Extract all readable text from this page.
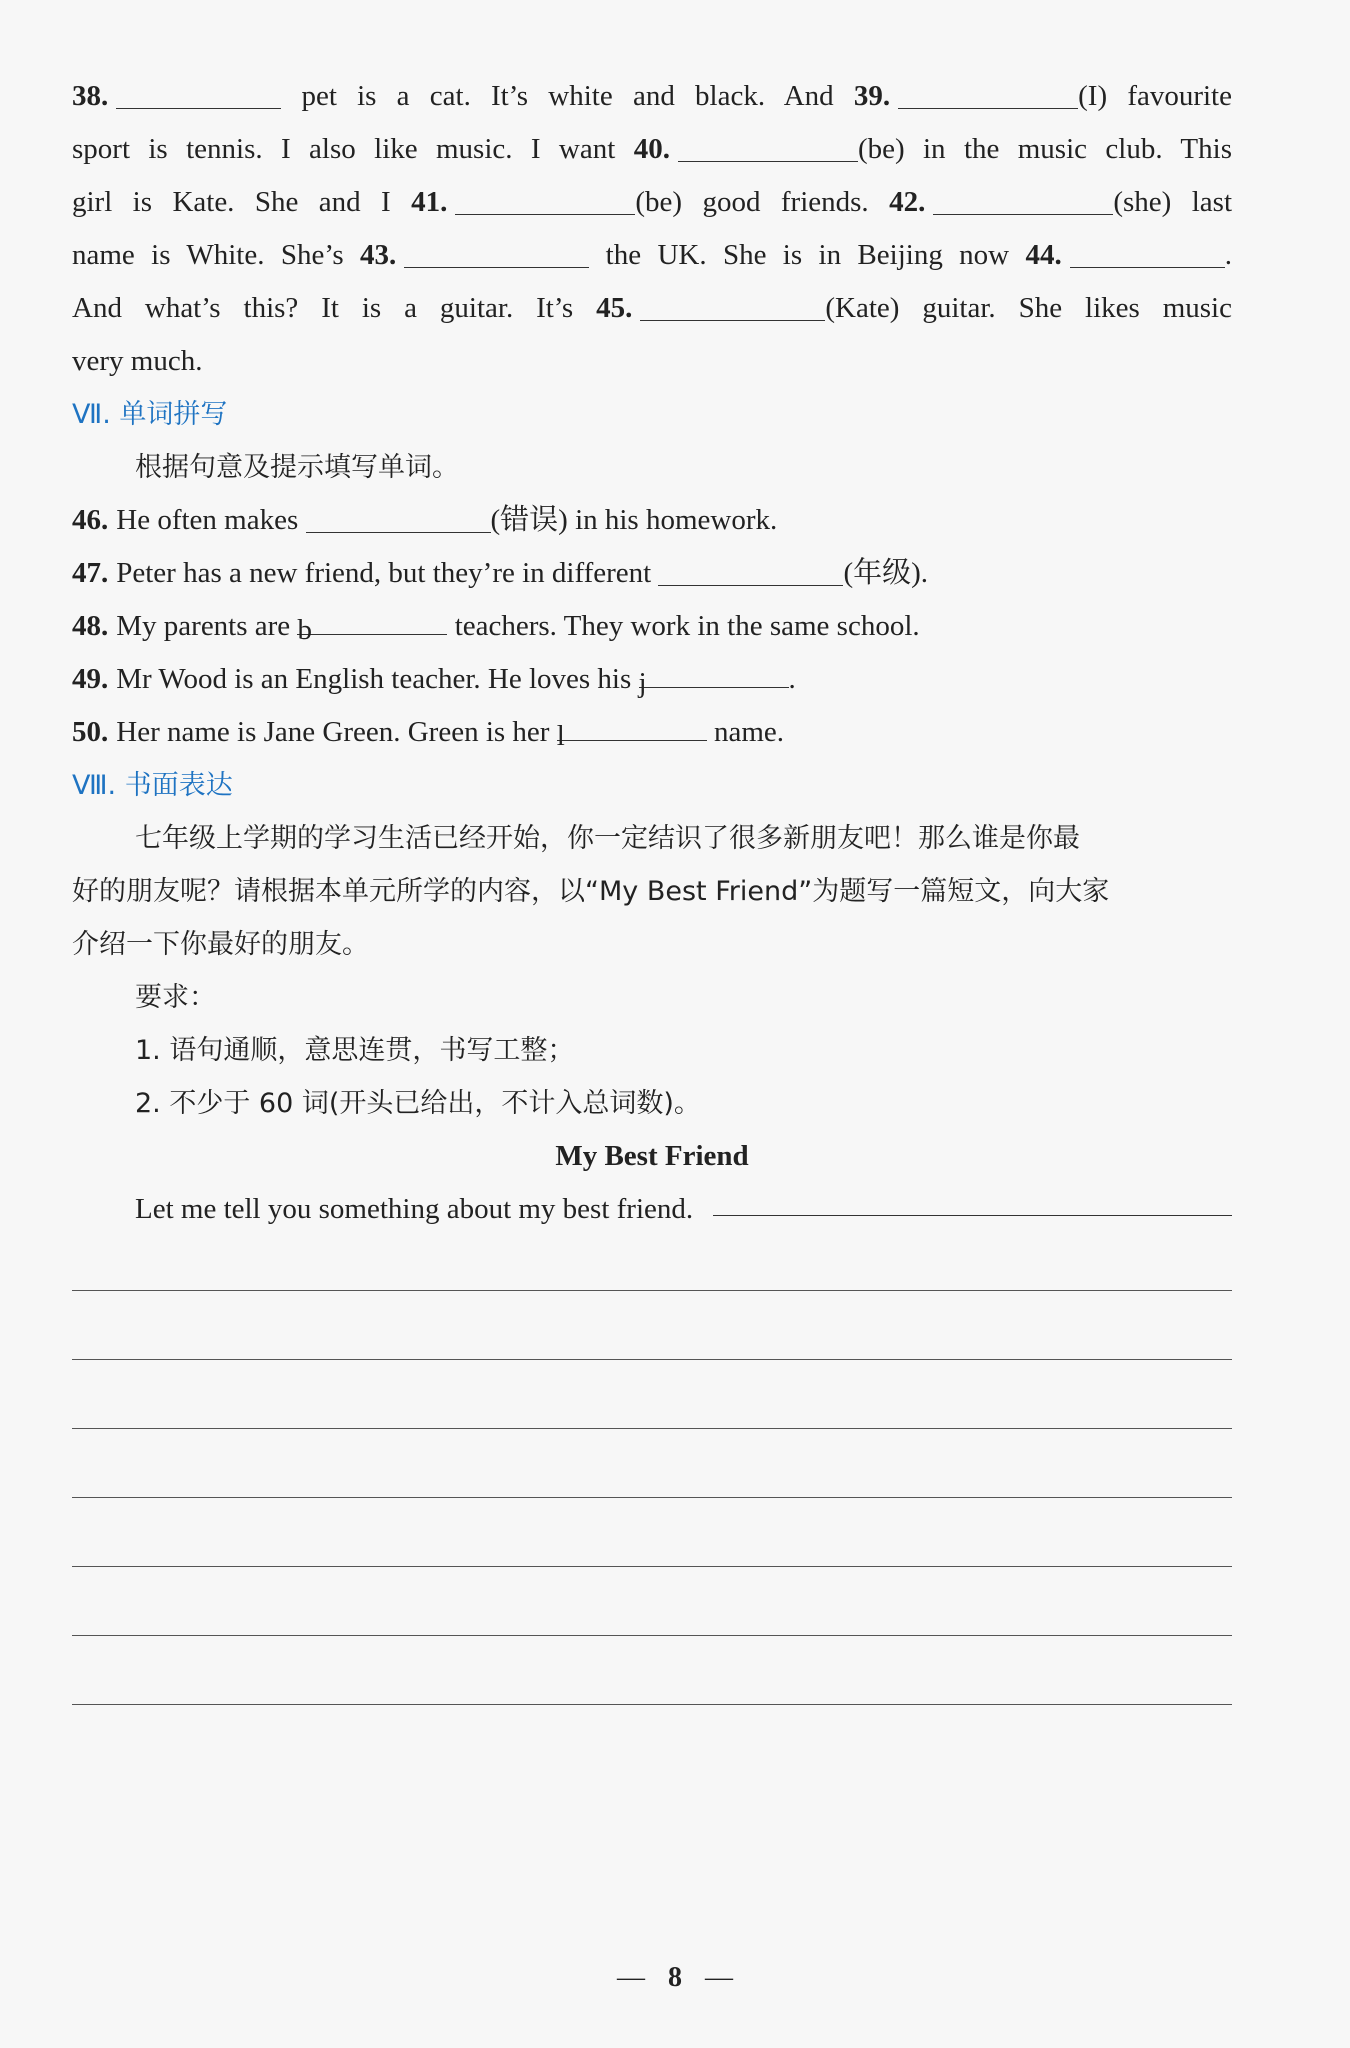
38.	pet is a cat. It’s white and black. And 39.	(I) favourite
sport is tennis. I also like music. I want 40.	(be) in the music club. This
girl is Kate. She and I 41.	(be) good friends. 42.	(she) last
name is White. She’s 43.	the UK. She is in Beijing now 44.	.
And what’s this? It is a guitar. It’s 45.	(Kate) guitar. She likes music
very much.
Ⅶ. 单词拼写
根据句意及提示填写单词。
46. He often makes	(错误) in his homework.
47. Peter has a new friend, but they’re in different	(年级).
48. My parents are b	teachers. They work in the same school.
49. Mr Wood is an English teacher. He loves his j	.
50. Her name is Jane Green. Green is her l	name.
Ⅷ. 书面表达
七年级上学期的学习生活已经开始，你一定结识了很多新朋友吧！那么谁是你最
好的朋友呢？请根据本单元所学的内容，以“My Best Friend”为题写一篇短文，向大家
介绍一下你最好的朋友。
要求：
1. 语句通顺，意思连贯，书写工整；
2. 不少于 60 词(开头已给出，不计入总词数)。
My Best Friend
Let me tell you something about my best friend.
— 8 —
